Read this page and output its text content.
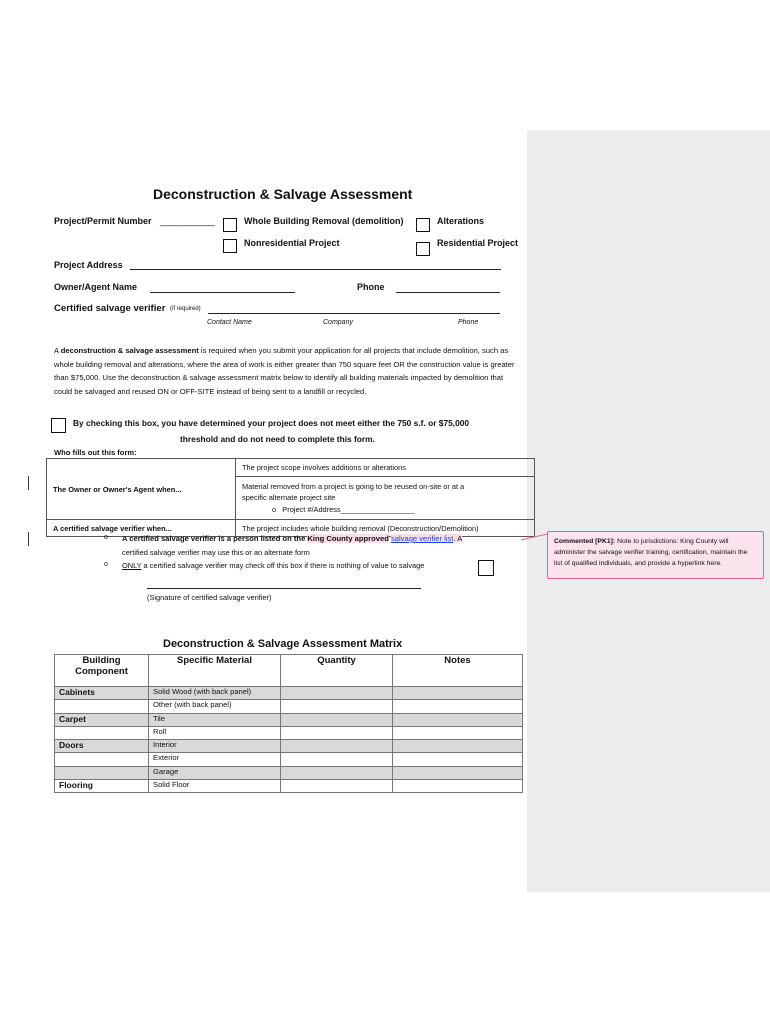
Deconstruction & Salvage Assessment
Project/Permit Number ___________	Whole Building Removal (demolition)	Alterations
Nonresidential Project	Residential Project
Project Address
Owner/Agent Name	Phone
Certified salvage verifier (if required)
Contact Name	Company	Phone
A deconstruction & salvage assessment is required when you submit your application for all projects that include demolition, such as whole building removal and alterations, where the area of work is either greater than 750 square feet OR the construction value is greater than $75,000. Use the deconstruction & salvage assessment matrix below to identify all building materials impacted by demolition that could be salvaged and reused ON or OFF-SITE instead of being sent to a landfill or recycled.
By checking this box, you have determined your project does not meet either the 750 s.f. or $75,000
threshold and do not need to complete this form.
Who fills out this form:
The Owner or Owner's Agent when...	The project scope involves additions or alterations

	Material removed from a project is going to be reused on-site or at a
specific alternate project site
o Project #/Address__________________

A certified salvage verifier when...	The project includes whole building removal (Deconstruction/Demolition)
o A certified salvage verifier is a person listed on the King County approved salvage verifier list. A
certified salvage verifier may use this or an alternate form
o ONLY a certified salvage verifier may check off this box if there is nothing of value to salvage
(Signature of certified salvage verifier)
Commented [PK1]: Note to jurisdictions: King County will administer the salvage verifier training, certification, maintain the list of qualified individuals, and provide a hyperlink here.
Deconstruction & Salvage Assessment Matrix
Building Component	Specific Material	Quantity	Notes
Cabinets	Solid Wood (with back panel)		
	Other (with back panel)		
Carpet	Tile		
	Roll		
Doors	Interior		
	Exterior		
	Garage		
Flooring	Solid Floor		
